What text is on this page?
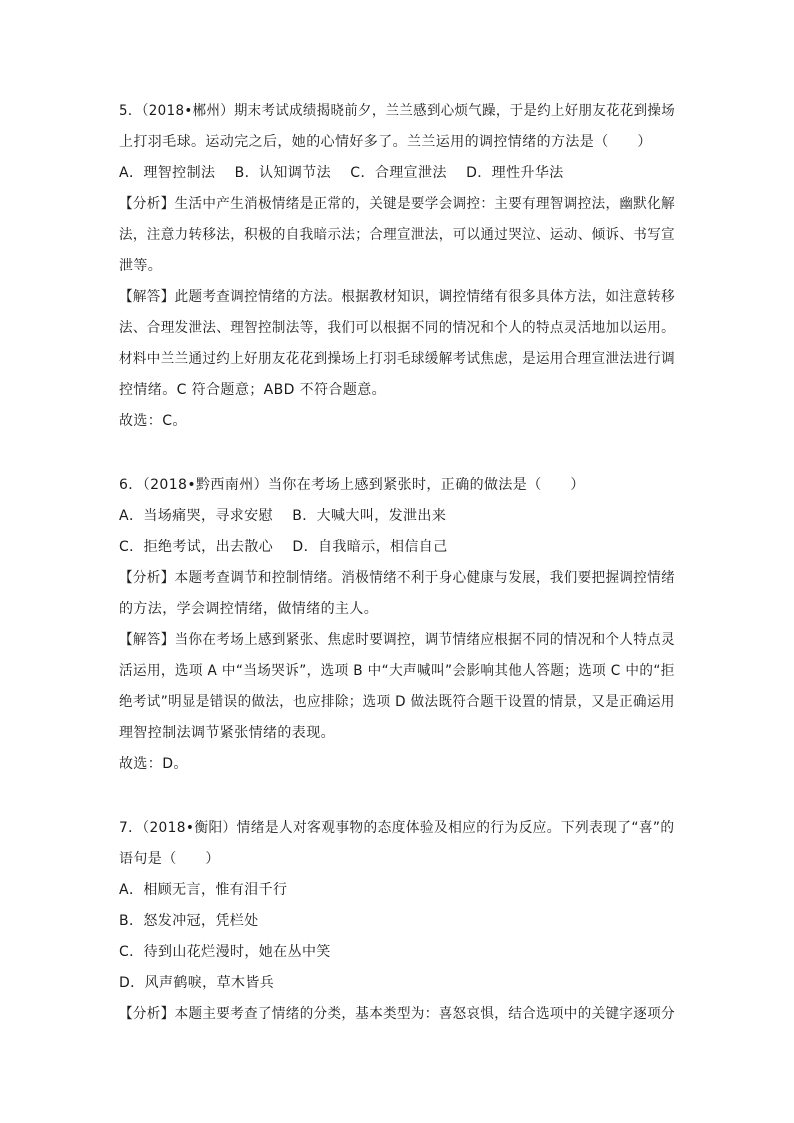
5．（2018•郴州）期末考试成绩揭晓前夕，兰兰感到心烦气躁，于是约上好朋友花花到操场
上打羽毛球。运动完之后，她的心情好多了。兰兰运用的调控情绪的方法是（　　）
A．理智控制法　 B．认知调节法　 C．合理宣泄法　 D．理性升华法
【分析】生活中产生消极情绪是正常的，关键是要学会调控：主要有理智调控法，幽默化解
法，注意力转移法，积极的自我暗示法；合理宣泄法，可以通过哭泣、运动、倾诉、书写宣
泄等。
【解答】此题考查调控情绪的方法。根据教材知识，调控情绪有很多具体方法，如注意转移
法、合理发泄法、理智控制法等，我们可以根据不同的情况和个人的特点灵活地加以运用。
材料中兰兰通过约上好朋友花花到操场上打羽毛球缓解考试焦虑，是运用合理宣泄法进行调
控情绪。C 符合题意；ABD 不符合题意。
故选：C。
6．（2018•黔西南州）当你在考场上感到紧张时，正确的做法是（　　）
A．当场痛哭，寻求安慰　 B．大喊大叫，发泄出来
C．拒绝考试，出去散心　 D．自我暗示，相信自己
【分析】本题考查调节和控制情绪。消极情绪不利于身心健康与发展，我们要把握调控情绪
的方法，学会调控情绪，做情绪的主人。
【解答】当你在考场上感到紧张、焦虑时要调控，调节情绪应根据不同的情况和个人特点灵
活运用，选项 A 中“当场哭诉”，选项 B 中“大声喊叫”会影响其他人答题；选项 C 中的“拒
绝考试”明显是错误的做法，也应排除；选项 D 做法既符合题干设置的情景，又是正确运用
理智控制法调节紧张情绪的表现。
故选：D。
7．（2018•衡阳）情绪是人对客观事物的态度体验及相应的行为反应。下列表现了“喜”的
语句是（　　）
A．相顾无言，惟有泪千行
B．怒发冲冠，凭栏处
C．待到山花烂漫时，她在丛中笑
D．风声鹤唳，草木皆兵
【分析】本题主要考查了情绪的分类，基本类型为：喜怒哀惧，结合选项中的关键字逐项分
